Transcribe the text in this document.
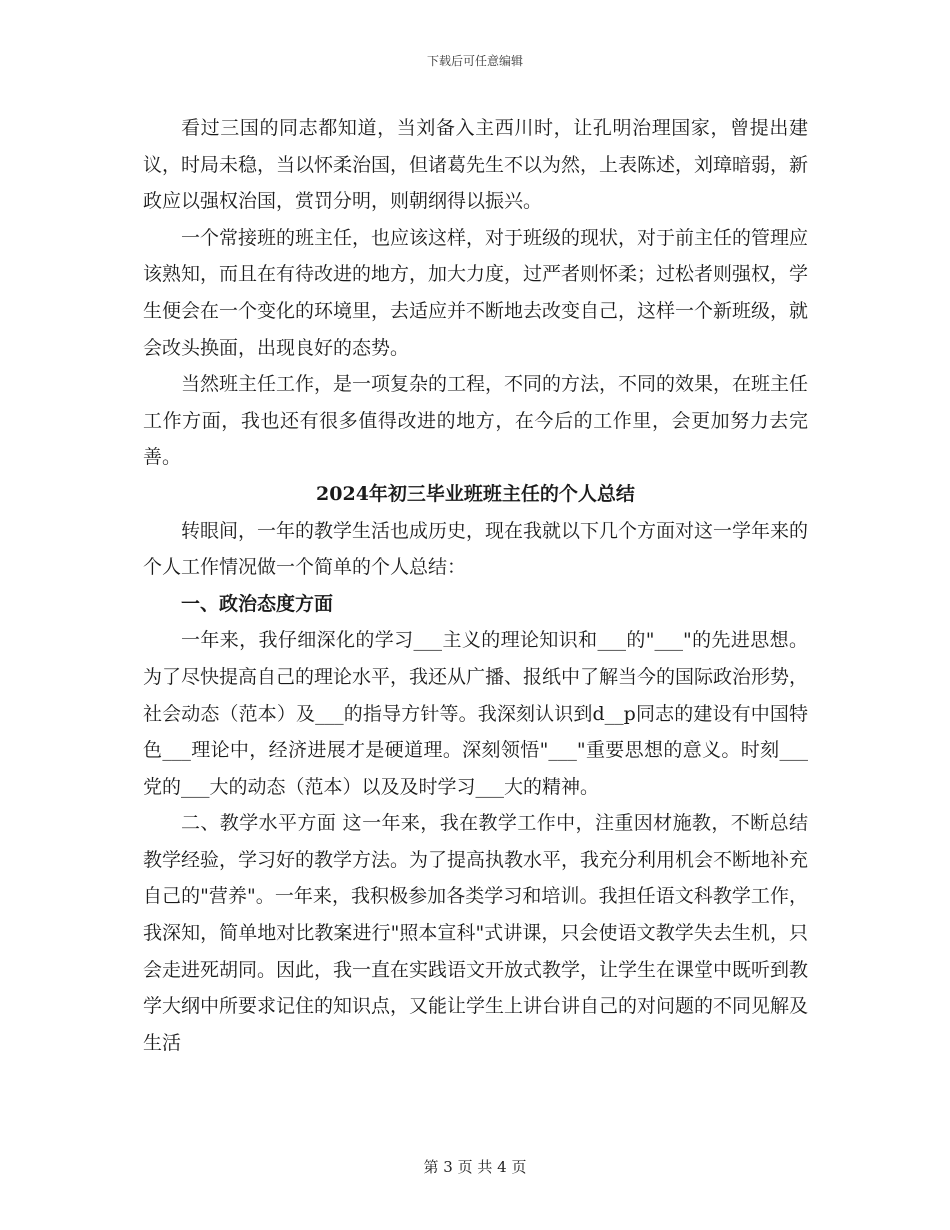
下载后可任意编辑

看过三国的同志都知道，当刘备入主西川时，让孔明治理国家，曾提出建议，时局未稳，当以怀柔治国，但诸葛先生不以为然，上表陈述，刘璋暗弱，新政应以强权治国，赏罚分明，则朝纲得以振兴。

一个常接班的班主任，也应该这样，对于班级的现状，对于前主任的管理应该熟知，而且在有待改进的地方，加大力度，过严者则怀柔；过松者则强权，学生便会在一个变化的环境里，去适应并不断地去改变自己，这样一个新班级，就会改头换面，出现良好的态势。

当然班主任工作，是一项复杂的工程，不同的方法，不同的效果，在班主任工作方面，我也还有很多值得改进的地方，在今后的工作里，会更加努力去完善。

2024年初三毕业班班主任的个人总结

转眼间，一年的教学生活也成历史，现在我就以下几个方面对这一学年来的个人工作情况做一个简单的个人总结：

一、政治态度方面

一年来，我仔细深化的学习___主义的理论知识和___的"___"的先进思想。为了尽快提高自己的理论水平，我还从广播、报纸中了解当今的国际政治形势，社会动态（范本）及___的指导方针等。我深刻认识到d__p同志的建设有中国特色___理论中，经济进展才是硬道理。深刻领悟"___"重要思想的意义。时刻___党的___大的动态（范本）以及及时学习___大的精神。

二、教学水平方面 这一年来，我在教学工作中，注重因材施教，不断总结教学经验，学习好的教学方法。为了提高执教水平，我充分利用机会不断地补充自己的"营养"。一年来，我积极参加各类学习和培训。我担任语文科教学工作，我深知，简单地对比教案进行"照本宣科"式讲课，只会使语文教学失去生机，只会走进死胡同。因此，我一直在实践语文开放式教学，让学生在课堂中既听到教学大纲中所要求记住的知识点，又能让学生上讲台讲自己的对问题的不同见解及生活

第 3 页 共 4 页
